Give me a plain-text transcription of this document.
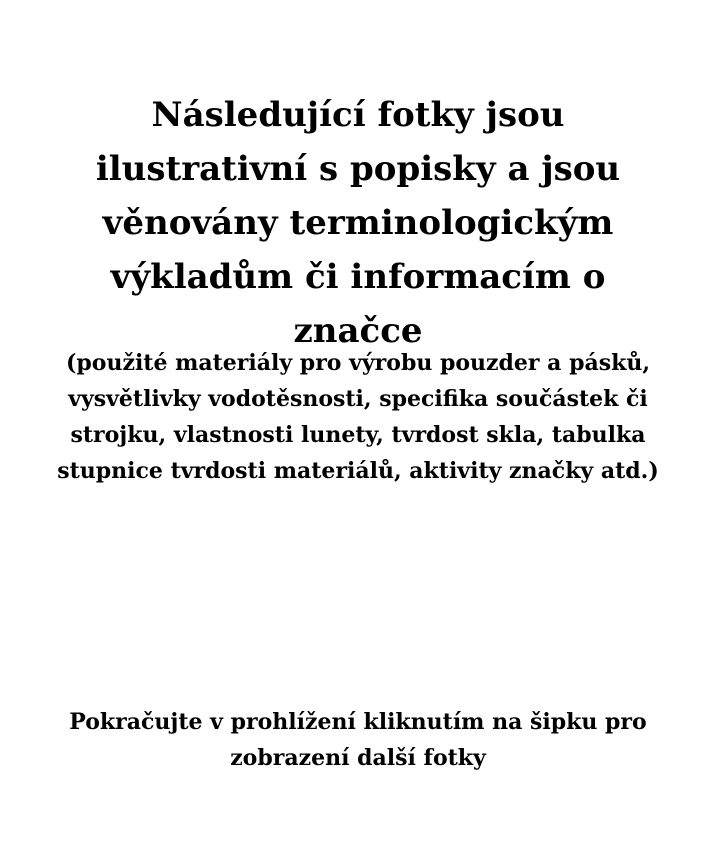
Následující fotky jsou ilustrativní s popisky a jsou věnovány terminologickým výkladům či informacím o značce

(použité materiály pro výrobu pouzder a pásků, vysvětlivky vodotěsnosti, specifika součástek či strojku, vlastnosti lunety, tvrdost skla, tabulka stupnice tvrdosti materiálů, aktivity značky atd.)

Pokračujte v prohlížení kliknutím na šipku pro zobrazení další fotky
